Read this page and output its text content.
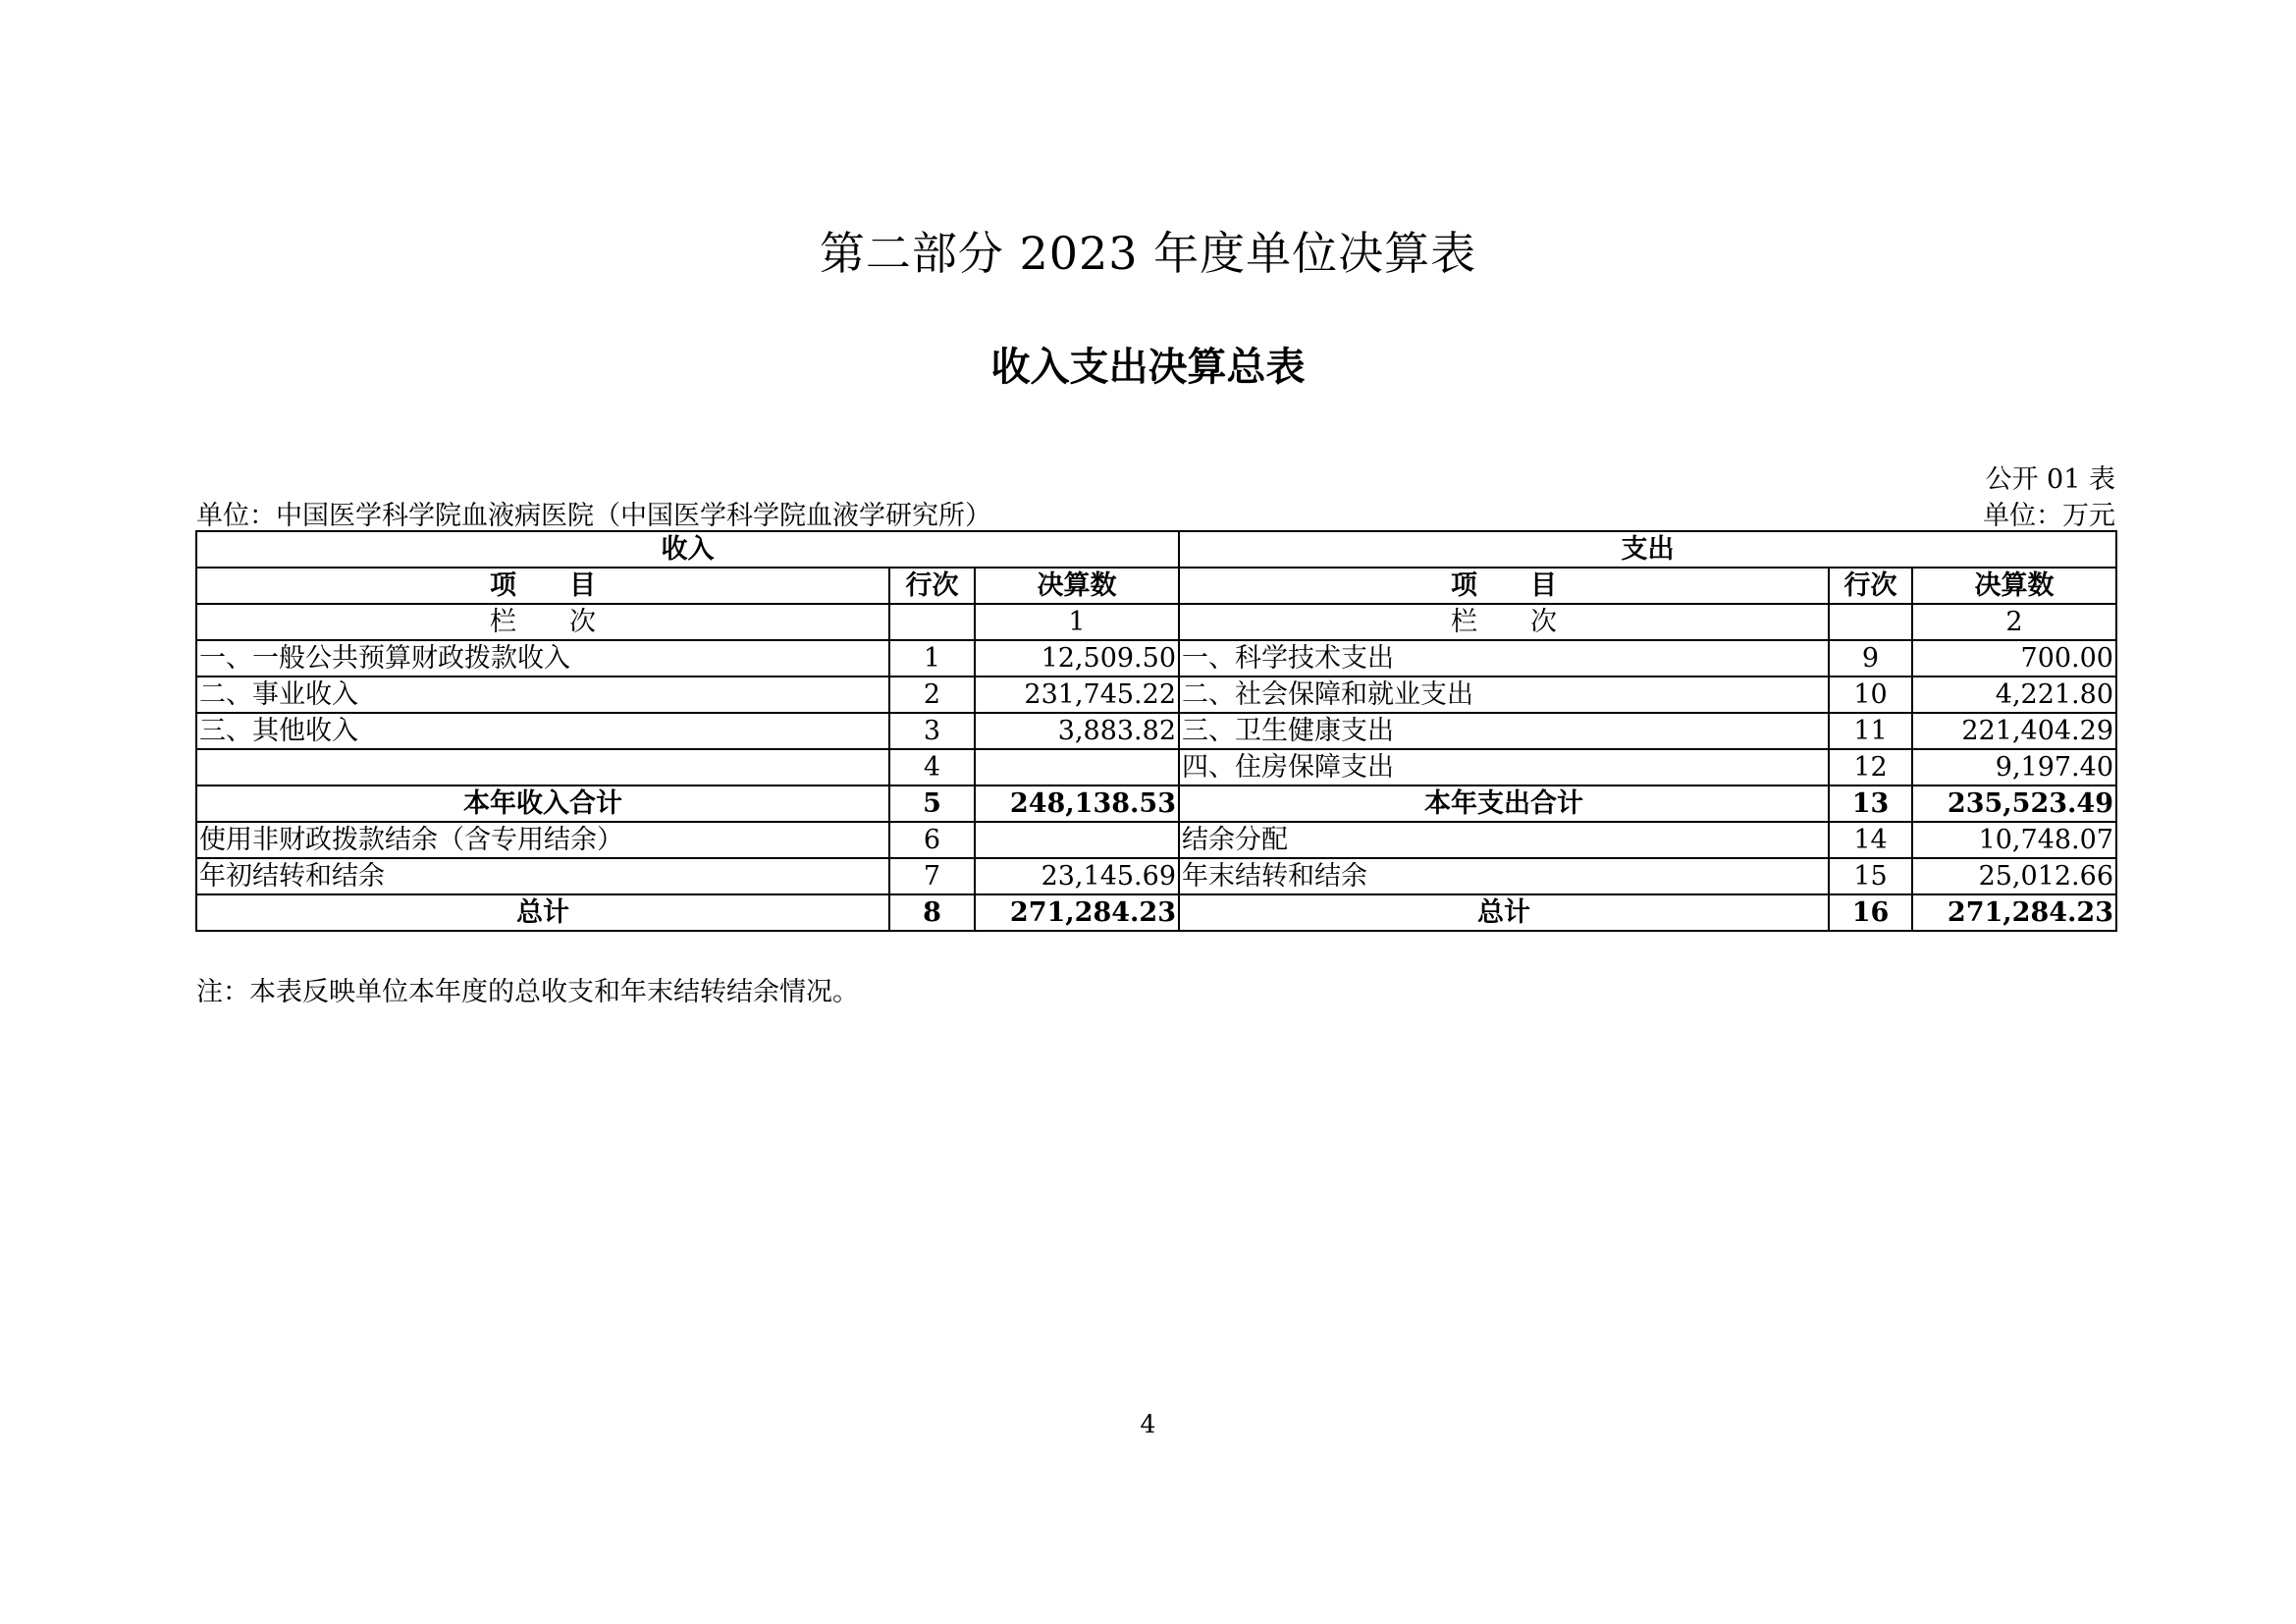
第二部分 2023 年度单位决算表
收入支出决算总表
公开 01 表
单位：中国医学科学院血液病医院（中国医学科学院血液学研究所）	单位：万元
收入			支出		
项　　目	行次	决算数	项　　目	行次	决算数
栏　　次		1	栏　　次		2
一、一般公共预算财政拨款收入	1	12,509.50	一、科学技术支出	9	700.00
二、事业收入	2	231,745.22	二、社会保障和就业支出	10	4,221.80
三、其他收入	3	3,883.82	三、卫生健康支出	11	221,404.29
	4		四、住房保障支出	12	9,197.40
本年收入合计	5	248,138.53	本年支出合计	13	235,523.49
使用非财政拨款结余（含专用结余）	6		结余分配	14	10,748.07
年初结转和结余	7	23,145.69	年末结转和结余	15	25,012.66
总计	8	271,284.23	总计	16	271,284.23
注：本表反映单位本年度的总收支和年末结转结余情况。
4
